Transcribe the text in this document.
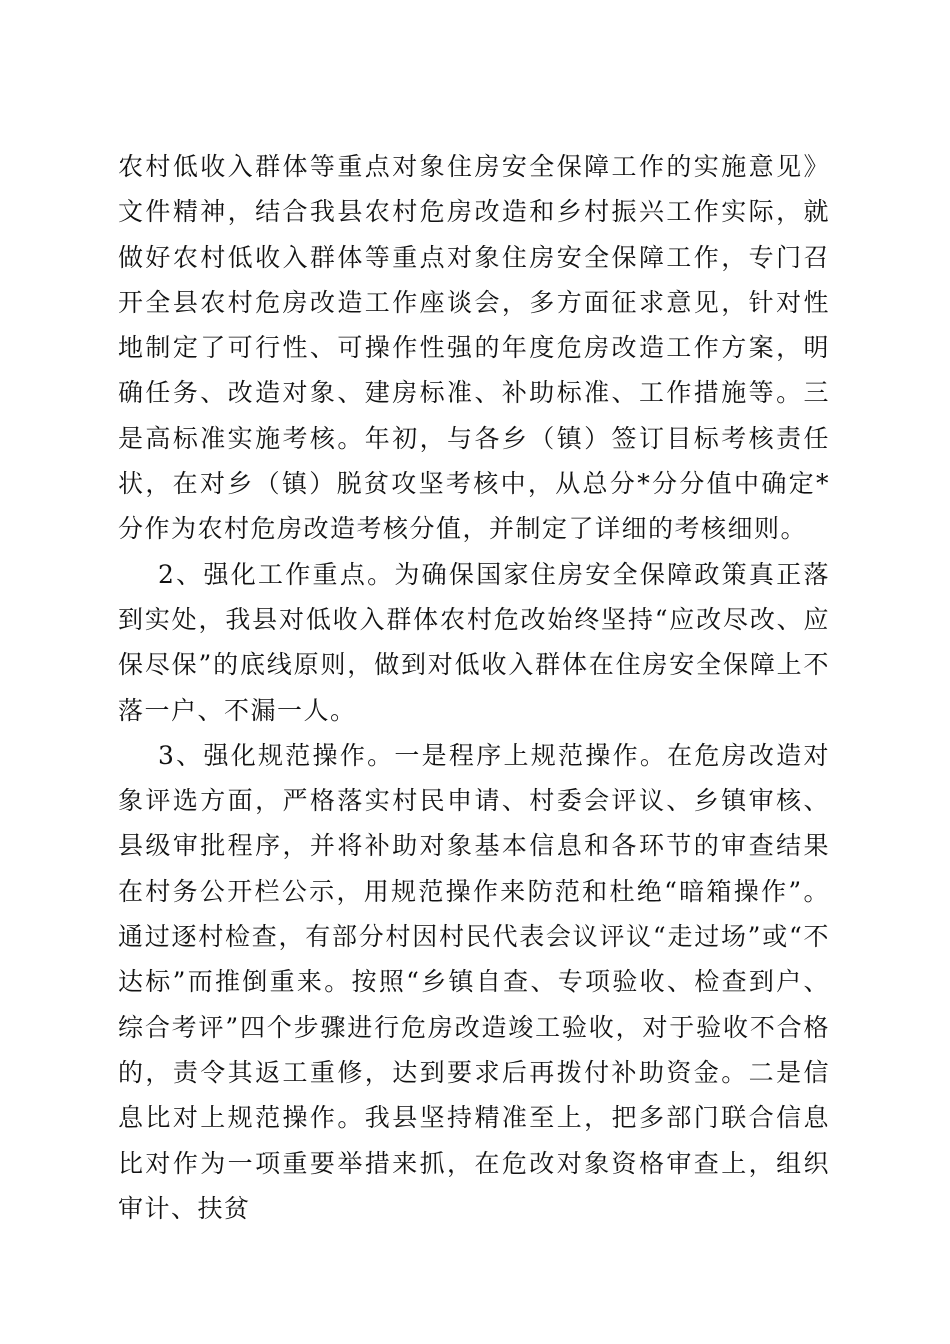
农村低收入群体等重点对象住房安全保障工作的实施意见》文件精神，结合我县农村危房改造和乡村振兴工作实际，就做好农村低收入群体等重点对象住房安全保障工作，专门召开全县农村危房改造工作座谈会，多方面征求意见，针对性地制定了可行性、可操作性强的年度危房改造工作方案，明确任务、改造对象、建房标准、补助标准、工作措施等。三是高标准实施考核。年初，与各乡（镇）签订目标考核责任状，在对乡（镇）脱贫攻坚考核中，从总分*分分值中确定*分作为农村危房改造考核分值，并制定了详细的考核细则。

2、强化工作重点。为确保国家住房安全保障政策真正落到实处，我县对低收入群体农村危改始终坚持“应改尽改、应保尽保”的底线原则，做到对低收入群体在住房安全保障上不落一户、不漏一人。

3、强化规范操作。一是程序上规范操作。在危房改造对象评选方面，严格落实村民申请、村委会评议、乡镇审核、县级审批程序，并将补助对象基本信息和各环节的审查结果在村务公开栏公示，用规范操作来防范和杜绝“暗箱操作”。通过逐村检查，有部分村因村民代表会议评议“走过场”或“不达标”而推倒重来。按照“乡镇自查、专项验收、检查到户、综合考评”四个步骤进行危房改造竣工验收，对于验收不合格的，责令其返工重修，达到要求后再拨付补助资金。二是信息比对上规范操作。我县坚持精准至上，把多部门联合信息比对作为一项重要举措来抓，在危改对象资格审查上，组织审计、扶贫
